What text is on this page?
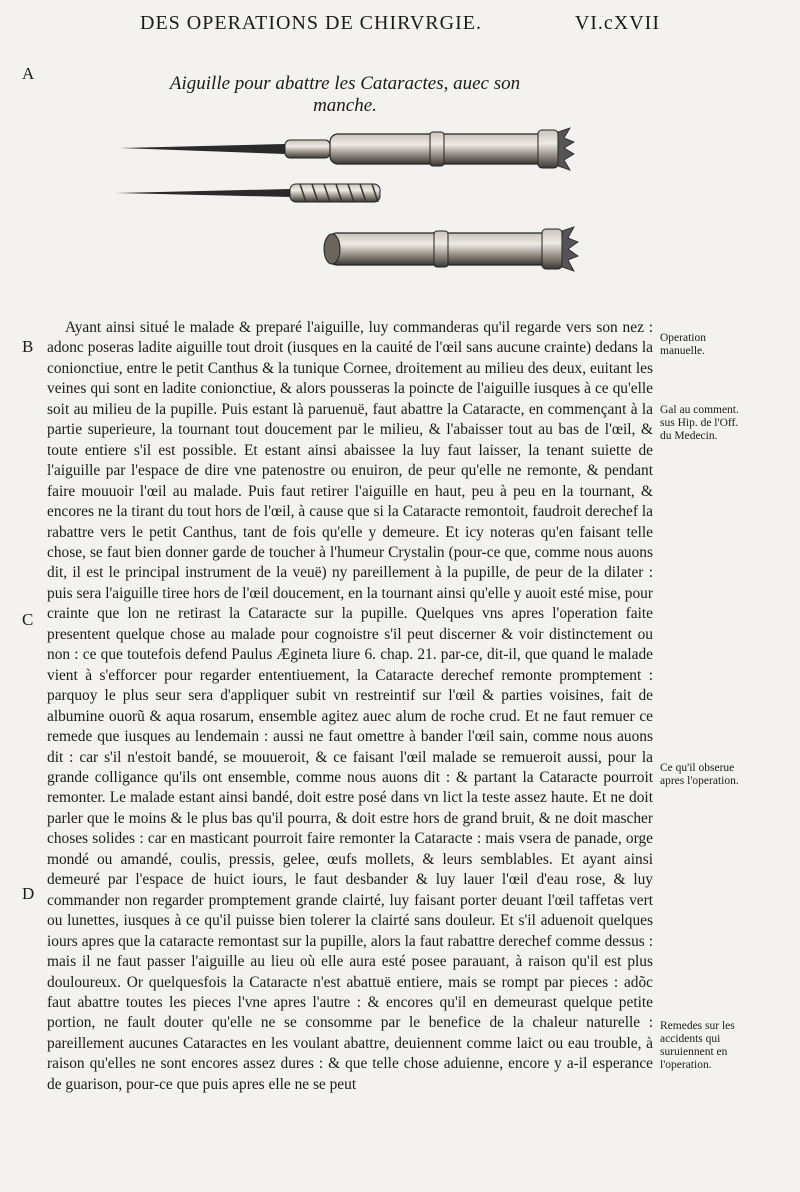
DES OPERATIONS DE CHIRVRGIE.	VI.cXVII
A
B
C
D
Aiguille pour abattre les Cataractes, auec son manche.

Ayant ainsi situé le malade & preparé l'aiguille, luy commanderas qu'il regarde vers son nez : adonc poseras ladite aiguille tout droit (iusques en la cauité de l'œil sans aucune crainte) dedans la conionctiue, entre le petit Canthus & la tunique Cornee, droitement au milieu des deux, euitant les veines qui sont en ladite conionctiue, & alors pousseras la poincte de l'aiguille iusques à ce qu'elle soit au milieu de la pupille. Puis estant là paruenuë, faut abattre la Cataracte, en commençant à la partie superieure, la tournant tout doucement par le milieu, & l'abaisser tout au bas de l'œil, & toute entiere s'il est possible. Et estant ainsi abaissee la luy faut laisser, la tenant suiette de l'aiguille par l'espace de dire vne patenostre ou enuiron, de peur qu'elle ne remonte, & pendant faire mouuoir l'œil au malade. Puis faut retirer l'aiguille en haut, peu à peu en la tournant, & encores ne la tirant du tout hors de l'œil, à cause que si la Cataracte remontoit, faudroit derechef la rabattre vers le petit Canthus, tant de fois qu'elle y demeure. Et icy noteras qu'en faisant telle chose, se faut bien donner garde de toucher à l'humeur Crystalin (pour-ce que, comme nous auons dit, il est le principal instrument de la veuë) ny pareillement à la pupille, de peur de la dilater : puis sera l'aiguille tiree hors de l'œil doucement, en la tournant ainsi qu'elle y auoit esté mise, pour crainte que lon ne retirast la Cataracte sur la pupille. Quelques vns apres l'operation faite presentent quelque chose au malade pour cognoistre s'il peut discerner & voir distinctement ou non : ce que toutefois defend Paulus Ægineta liure 6. chap. 21. par-ce, dit-il, que quand le malade vient à s'efforcer pour regarder ententiuement, la Cataracte derechef remonte promptement : parquoy le plus seur sera d'appliquer subit vn restreintif sur l'œil & parties voisines, fait de albumine ouorũ & aqua rosarum, ensemble agitez auec alum de roche crud. Et ne faut remuer ce remede que iusques au lendemain : aussi ne faut omettre à bander l'œil sain, comme nous auons dit : car s'il n'estoit bandé, se mouueroit, & ce faisant l'œil malade se remueroit aussi, pour la grande colligance qu'ils ont ensemble, comme nous auons dit : & partant la Cataracte pourroit remonter. Le malade estant ainsi bandé, doit estre posé dans vn lict la teste assez haute. Et ne doit parler que le moins & le plus bas qu'il pourra, & doit estre hors de grand bruit, & ne doit mascher choses solides : car en masticant pourroit faire remonter la Cataracte : mais vsera de panade, orge mondé ou amandé, coulis, pressis, gelee, œufs mollets, & leurs semblables. Et ayant ainsi demeuré par l'espace de huict iours, le faut desbander & luy lauer l'œil d'eau rose, & luy commander non regarder promptement grande clairté, luy faisant porter deuant l'œil taffetas vert ou lunettes, iusques à ce qu'il puisse bien tolerer la clairté sans douleur. Et s'il aduenoit quelques iours apres que la cataracte remontast sur la pupille, alors la faut rabattre derechef comme dessus : mais il ne faut passer l'aiguille au lieu où elle aura esté posee parauant, à raison qu'il est plus douloureux. Or quelquesfois la Cataracte n'est abattuë entiere, mais se rompt par pieces : adõc faut abattre toutes les pieces l'vne apres l'autre : & encores qu'il en demeurast quelque petite portion, ne fault douter qu'elle ne se consomme par le benefice de la chaleur naturelle : pareillement aucunes Cataractes en les voulant abattre, deuiennent comme laict ou eau trouble, à raison qu'elles ne sont encores assez dures : & que telle chose aduienne, encore y a-il esperance de guarison, pour-ce que puis apres elle ne se peut

Operation manuelle.
Gal au comment. sus Hip. de l'Off. du Medecin.
Ce qu'il obserue apres l'operation.
Remedes sur les accidents qui suruiennent en l'operation.
